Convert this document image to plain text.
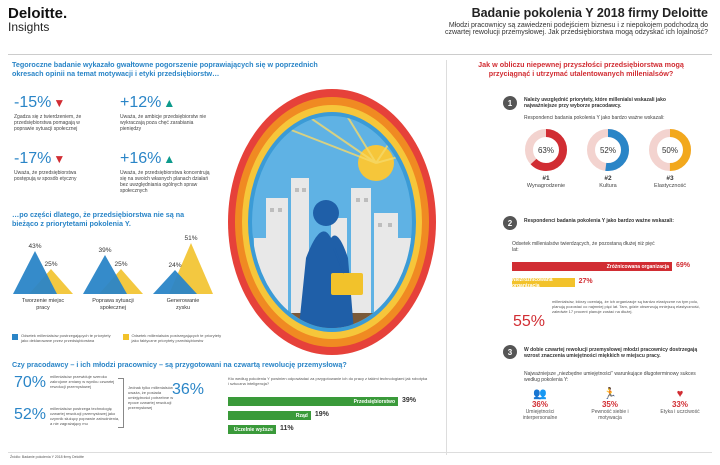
Deloitte.
Insights
Badanie pokolenia Y 2018 firmy Deloitte
Młodzi pracownicy są zawiedzeni podejściem biznesu i z niepokojem podchodzą do
czwartej rewolucji przemysłowej. Jak przedsiębiorstwa mogą odzyskać ich lojalność?
Tegoroczne badanie wykazało gwałtowne pogorszenie poprawiających się w poprzednich
okresach opinii na temat motywacji i etyki przedsiębiorstw…
-15% ▼
Zgadza się z twierdzeniem, że przedsiębiorstwa pomagają w poprawie sytuacji społecznej
+12% ▲
Uważa, że ambicje przedsiębiorstw nie wykraczają poza chęć zarabiania pieniędzy
-17% ▼
Uważa, że przedsiębiorstwa postępują w sposób etyczny
+16% ▲
Uważa, że przedsiębiorstwa koncentrują się na swoich własnych planach działań bez uwzględniania ogólnych spraw społecznych
…po części dlatego, że przedsiębiorstwa nie są na
bieżąco z priorytetami pokolenia Y.
25%
43%
Tworzenie miejsc
pracy
25%
39%
Poprawa sytuacji
społecznej
51%
24%
Generowanie
zysku
Odsetek millenialsów postrzegających te priorytety jako deklarowane przez przedsiębiorstwa
Odsetek millenialsów postrzegających te priorytety jako faktyczne priorytety przedsiębiorstw
Czy pracodawcy – i ich młodzi pracownicy – są przygotowani na czwartą rewolucję przemysłową?
70% millenialsów przewiduje szeroko zakrojone zmiany w wyniku czwartej rewolucji przemysłowej
52% millenialsów postrzega technologię czwartej rewolucji przemysłowej jako czynnik służący poprawie zatrudnienia, a nie zagrażający mu
36%
Jednak tylko millenialsów uważa, że posiada umiejętności potrzebne w epoce czwartej rewolucji przemysłowej
Kto według pokolenia Y powinien odpowiadać za przygotowanie ich do pracy z takimi technologiami jak robotyka i sztuczna inteligencja?
Przedsiębiorstwo	39%
Rząd	19%
Uczelnie wyższe	11%
Jak w obliczu niepewnej przyszłości przedsiębiorstwa mogą
przyciągnąć i utrzymać utalentowanych millenialsów?
1	Należy uwzględnić priorytety, które millenialsi wskazali jako najważniejsze przy wyborze pracodawcy.
Respondenci badania pokolenia Y jako bardzo ważne wskazali:
63%
#1
Wynagrodzenie
52%
#2
Kultura
50%
#3
Elastyczność
2	Respondenci badania pokolenia Y jako bardzo ważne wskazali:
Odsetek millenialsów twierdzących, że pozostaną dłużej niż pięć lat:
Zróżnicowana organizacja	69%
Niezróżnicowana organizacja
27%
55%
millenialsów, którzy oceniają, że ich organizacje są bardzo elastyczne na tym polu, planują pozostać co najmniej pięć lat. Tam, gdzie obserwują mniejszą elastyczność, zaledwie 17 procent planuje zostać na dłużej.
3	W dobie czwartej rewolucji przemysłowej młodzi pracownicy dostrzegają wzrost znaczenia umiejętności miękkich w miejscu pracy.
Najważniejsze „niezbędne umiejętności” warunkujące długoterminowy sukces według pokolenia Y:
👥
36%
Umiejętności interpersonalne
🏃
35%
Pewność siebie i motywacja
♥
33%
Etyka i uczciwość
Źródło: Badanie pokolenia Y 2018 firmy Deloitte
